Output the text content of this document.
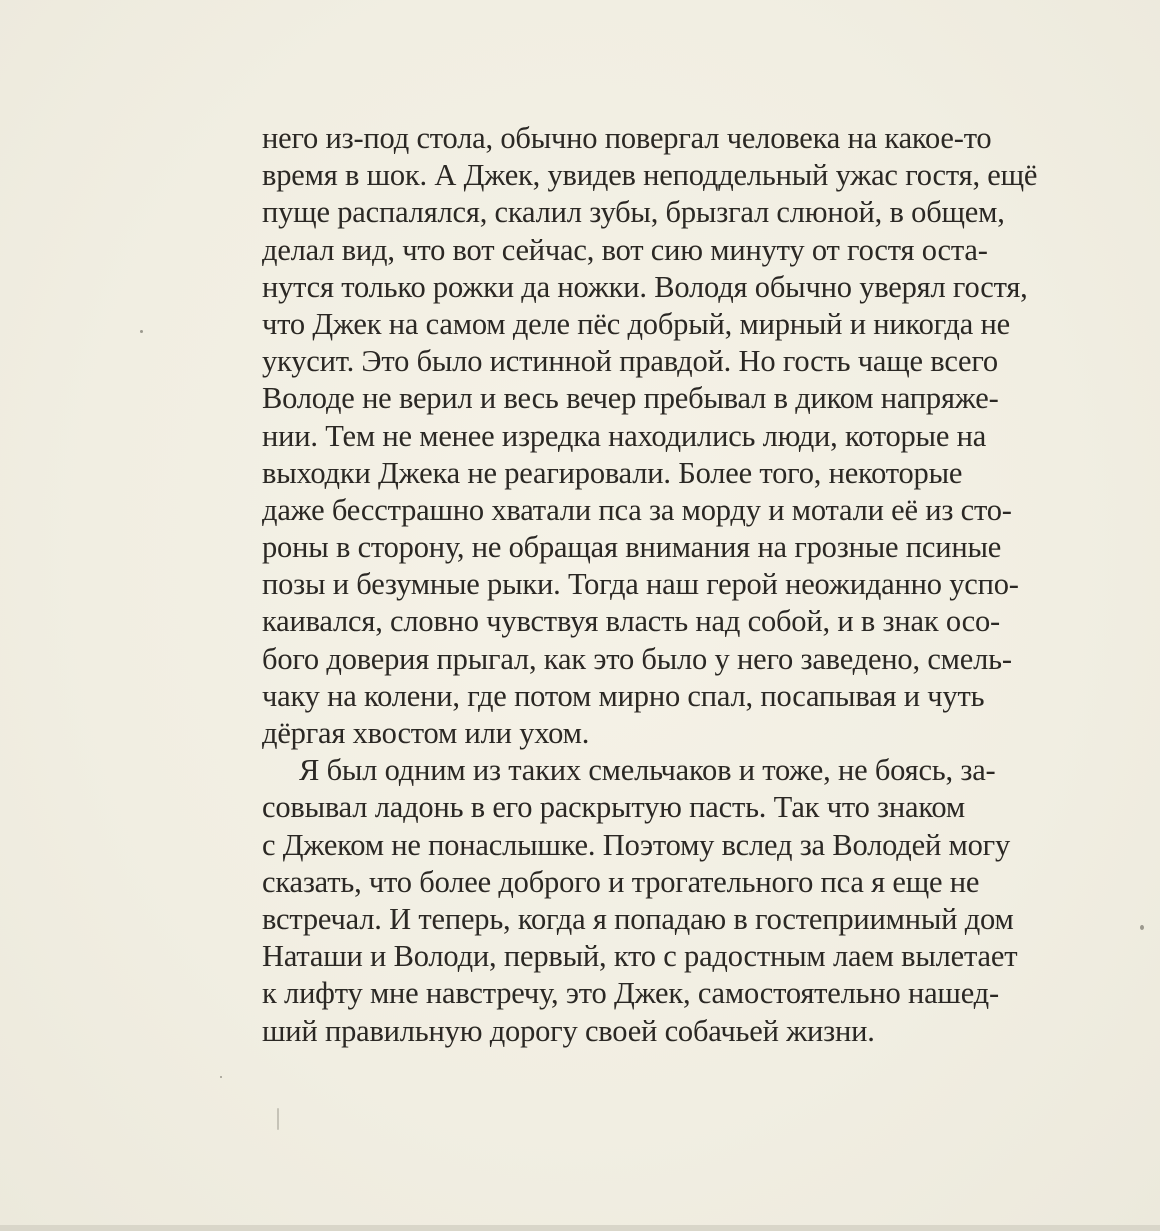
него из-под стола, обычно повергал человека на какое-то
время в шок. А Джек, увидев неподдельный ужас гостя, ещё
пуще распалялся, скалил зубы, брызгал слюной, в общем,
делал вид, что вот сейчас, вот сию минуту от гостя оста-
нутся только рожки да ножки. Володя обычно уверял гостя,
что Джек на самом деле пёс добрый, мирный и никогда не
укусит. Это было истинной правдой. Но гость чаще всего
Володе не верил и весь вечер пребывал в диком напряже-
нии. Тем не менее изредка находились люди, которые на
выходки Джека не реагировали. Более того, некоторые
даже бесстрашно хватали пса за морду и мотали её из сто-
роны в сторону, не обращая внимания на грозные псиные
позы и безумные рыки. Тогда наш герой неожиданно успо-
каивался, словно чувствуя власть над собой, и в знак осо-
бого доверия прыгал, как это было у него заведено, смель-
чаку на колени, где потом мирно спал, посапывая и чуть
дёргая хвостом или ухом.
Я был одним из таких смельчаков и тоже, не боясь, за-
совывал ладонь в его раскрытую пасть. Так что знаком
с Джеком не понаслышке. Поэтому вслед за Володей могу
сказать, что более доброго и трогательного пса я еще не
встречал. И теперь, когда я попадаю в гостеприимный дом
Наташи и Володи, первый, кто с радостным лаем вылетает
к лифту мне навстречу, это Джек, самостоятельно нашед-
ший правильную дорогу своей собачьей жизни.
